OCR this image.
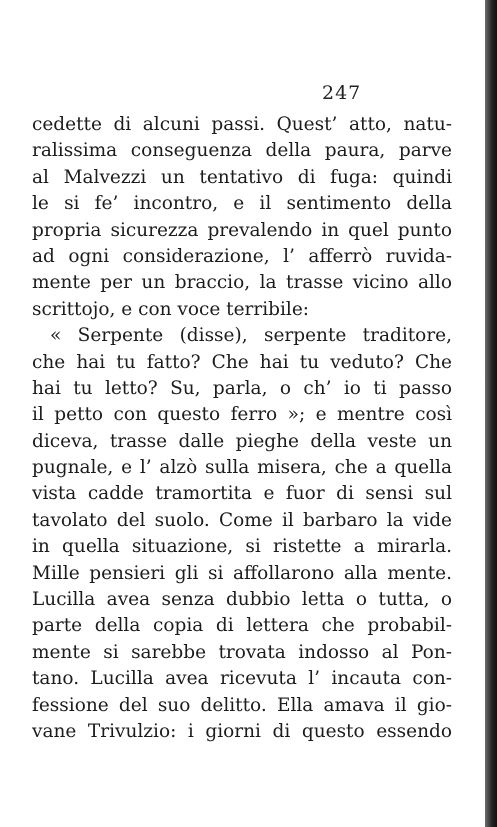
247
cedette di alcuni passi. Quest’ atto, natu-
ralissima conseguenza della paura, parve
al Malvezzi un tentativo di fuga: quindi
le si fe’ incontro, e il sentimento della
propria sicurezza prevalendo in quel punto
ad ogni considerazione, l’ afferrò ruvida-
mente per un braccio, la trasse vicino allo
scrittojo, e con voce terribile:
« Serpente (disse), serpente traditore,
che hai tu fatto? Che hai tu veduto? Che
hai tu letto? Su, parla, o ch’ io ti passo
il petto con questo ferro »; e mentre così
diceva, trasse dalle pieghe della veste un
pugnale, e l’ alzò sulla misera, che a quella
vista cadde tramortita e fuor di sensi sul
tavolato del suolo. Come il barbaro la vide
in quella situazione, si ristette a mirarla.
Mille pensieri gli si affollarono alla mente.
Lucilla avea senza dubbio letta o tutta, o
parte della copia di lettera che probabil-
mente si sarebbe trovata indosso al Pon-
tano. Lucilla avea ricevuta l’ incauta con-
fessione del suo delitto. Ella amava il gio-
vane Trivulzio: i giorni di questo essendo
